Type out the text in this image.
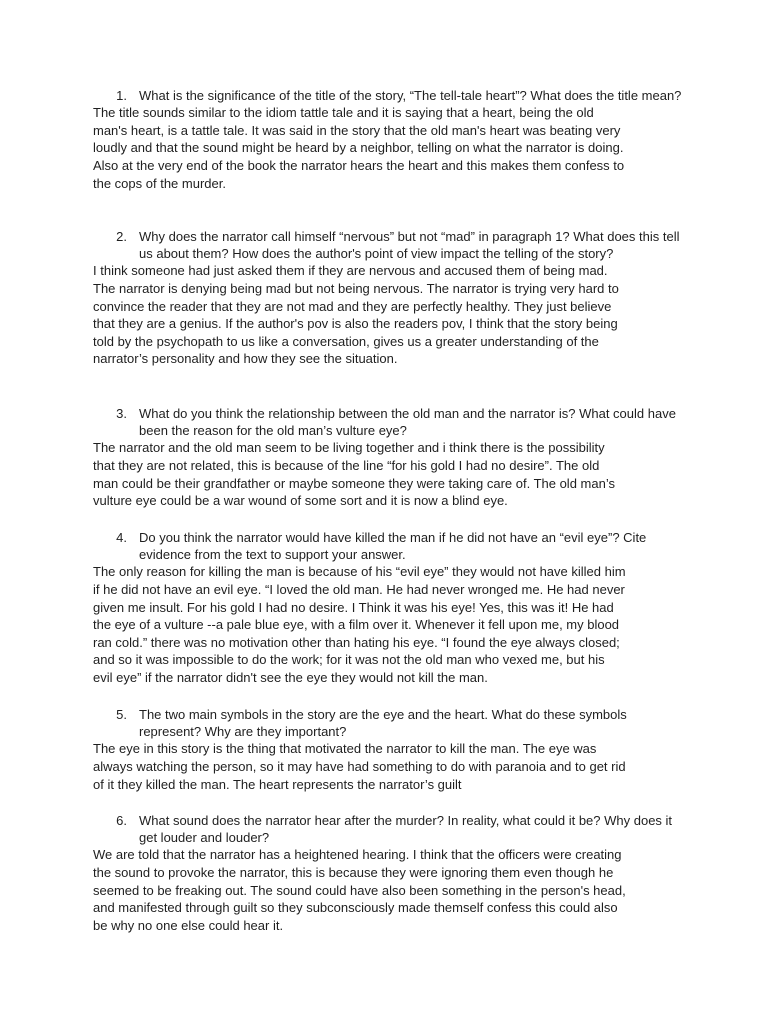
1. What is the significance of the title of the story, “The tell-tale heart”? What does the title mean?
The title sounds similar to the idiom tattle tale and it is saying that a heart, being the old
man's heart, is a tattle tale. It was said in the story that the old man's heart was beating very
loudly and that the sound might be heard by a neighbor, telling on what the narrator is doing.
Also at the very end of the book the narrator hears the heart and this makes them confess to
the cops of the murder.
2. Why does the narrator call himself “nervous” but not “mad” in paragraph 1? What does this tell us about them? How does the author's point of view impact the telling of the story?
I think someone had just asked them if they are nervous and accused them of being mad.
The narrator is denying being mad but not being nervous. The narrator is trying very hard to
convince the reader that they are not mad and they are perfectly healthy. They just believe
that they are a genius. If the author's pov is also the readers pov, I think that the story being
told by the psychopath to us like a conversation, gives us a greater understanding of the
narrator’s personality and how they see the situation.
3. What do you think the relationship between the old man and the narrator is? What could have been the reason for the old man’s vulture eye?
The narrator and the old man seem to be living together and i think there is the possibility
that they are not related, this is because of the line “for his gold I had no desire”. The old
man could be their grandfather or maybe someone they were taking care of. The old man’s
vulture eye could be a war wound of some sort and it is now a blind eye.
4. Do you think the narrator would have killed the man if he did not have an “evil eye”? Cite evidence from the text to support your answer.
The only reason for killing the man is because of his “evil eye” they would not have killed him
if he did not have an evil eye. “I loved the old man. He had never wronged me. He had never
given me insult. For his gold I had no desire. I Think it was his eye! Yes, this was it! He had
the eye of a vulture --a pale blue eye, with a film over it. Whenever it fell upon me, my blood
ran cold.” there was no motivation other than hating his eye. “I found the eye always closed;
and so it was impossible to do the work; for it was not the old man who vexed me, but his
evil eye” if the narrator didn't see the eye they would not kill the man.
5. The two main symbols in the story are the eye and the heart. What do these symbols represent? Why are they important?
The eye in this story is the thing that motivated the narrator to kill the man. The eye was
always watching the person, so it may have had something to do with paranoia and to get rid
of it they killed the man. The heart represents the narrator’s guilt
6. What sound does the narrator hear after the murder? In reality, what could it be? Why does it get louder and louder?
We are told that the narrator has a heightened hearing. I think that the officers were creating
the sound to provoke the narrator, this is because they were ignoring them even though he
seemed to be freaking out. The sound could have also been something in the person's head,
and manifested through guilt so they subconsciously made themself confess this could also
be why no one else could hear it.
